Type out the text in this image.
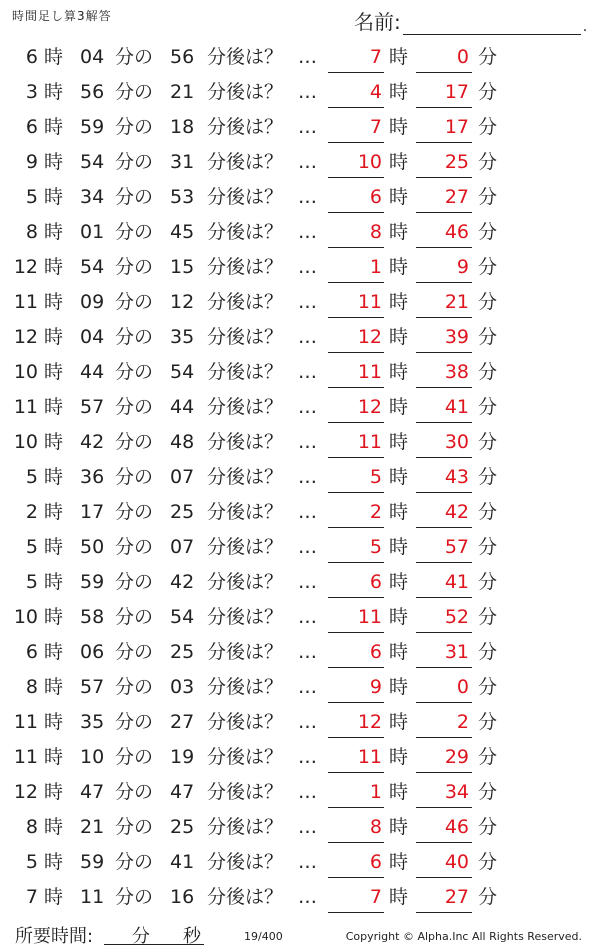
時間足し算3解答	名前:	.
6 時 04 分の 56 分後は？ …	7 時	0 分
3 時 56 分の 21 分後は？ …	4 時	17 分
6 時 59 分の 18 分後は？ …	7 時	17 分
9 時 54 分の 31 分後は？ …	10 時	25 分
5 時 34 分の 53 分後は？ …	6 時	27 分
8 時 01 分の 45 分後は？ …	8 時	46 分
12 時 54 分の 15 分後は？ …	1 時	9 分
11 時 09 分の 12 分後は？ …	11 時	21 分
12 時 04 分の 35 分後は？ …	12 時	39 分
10 時 44 分の 54 分後は？ …	11 時	38 分
11 時 57 分の 44 分後は？ …	12 時	41 分
10 時 42 分の 48 分後は？ …	11 時	30 分
5 時 36 分の 07 分後は？ …	5 時	43 分
2 時 17 分の 25 分後は？ …	2 時	42 分
5 時 50 分の 07 分後は？ …	5 時	57 分
5 時 59 分の 42 分後は？ …	6 時	41 分
10 時 58 分の 54 分後は？ …	11 時	52 分
6 時 06 分の 25 分後は？ …	6 時	31 分
8 時 57 分の 03 分後は？ …	9 時	0 分
11 時 35 分の 27 分後は？ …	12 時	2 分
11 時 10 分の 19 分後は？ …	11 時	29 分
12 時 47 分の 47 分後は？ …	1 時	34 分
8 時 21 分の 25 分後は？ …	8 時	46 分
5 時 59 分の 41 分後は？ …	6 時	40 分
7 時 11 分の 16 分後は？ …	7 時	27 分
所要時間: 分 秒	19/400	Copyright © Alpha.Inc All Rights Reserved.
